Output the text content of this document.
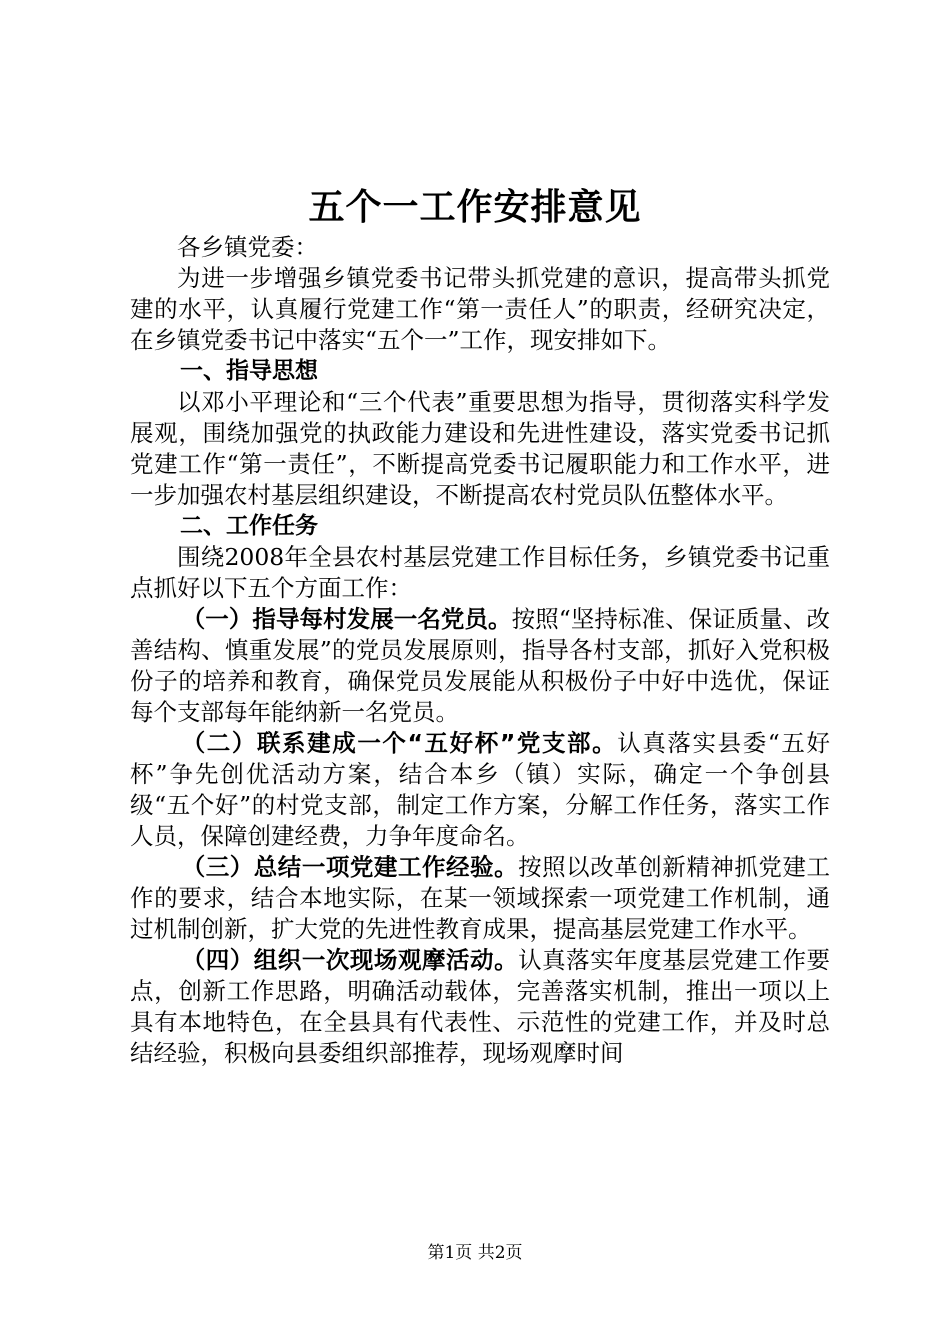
五个一工作安排意见

各乡镇党委：

为进一步增强乡镇党委书记带头抓党建的意识，提高带头抓党建的水平，认真履行党建工作“第一责任人”的职责，经研究决定，在乡镇党委书记中落实“五个一”工作，现安排如下。

一、指导思想

以邓小平理论和“三个代表”重要思想为指导，贯彻落实科学发展观，围绕加强党的执政能力建设和先进性建设，落实党委书记抓党建工作“第一责任”，不断提高党委书记履职能力和工作水平，进一步加强农村基层组织建设，不断提高农村党员队伍整体水平。

二、工作任务

围绕2008年全县农村基层党建工作目标任务，乡镇党委书记重点抓好以下五个方面工作：

（一）指导每村发展一名党员。按照“坚持标准、保证质量、改善结构、慎重发展”的党员发展原则，指导各村支部，抓好入党积极份子的培养和教育，确保党员发展能从积极份子中好中选优，保证每个支部每年能纳新一名党员。

（二）联系建成一个“五好杯”党支部。认真落实县委“五好杯”争先创优活动方案，结合本乡（镇）实际，确定一个争创县级“五个好”的村党支部，制定工作方案，分解工作任务，落实工作人员，保障创建经费，力争年度命名。

（三）总结一项党建工作经验。按照以改革创新精神抓党建工作的要求，结合本地实际，在某一领域探索一项党建工作机制，通过机制创新，扩大党的先进性教育成果，提高基层党建工作水平。

（四）组织一次现场观摩活动。认真落实年度基层党建工作要点，创新工作思路，明确活动载体，完善落实机制，推出一项以上具有本地特色，在全县具有代表性、示范性的党建工作，并及时总结经验，积极向县委组织部推荐，现场观摩时间

第1页 共2页
